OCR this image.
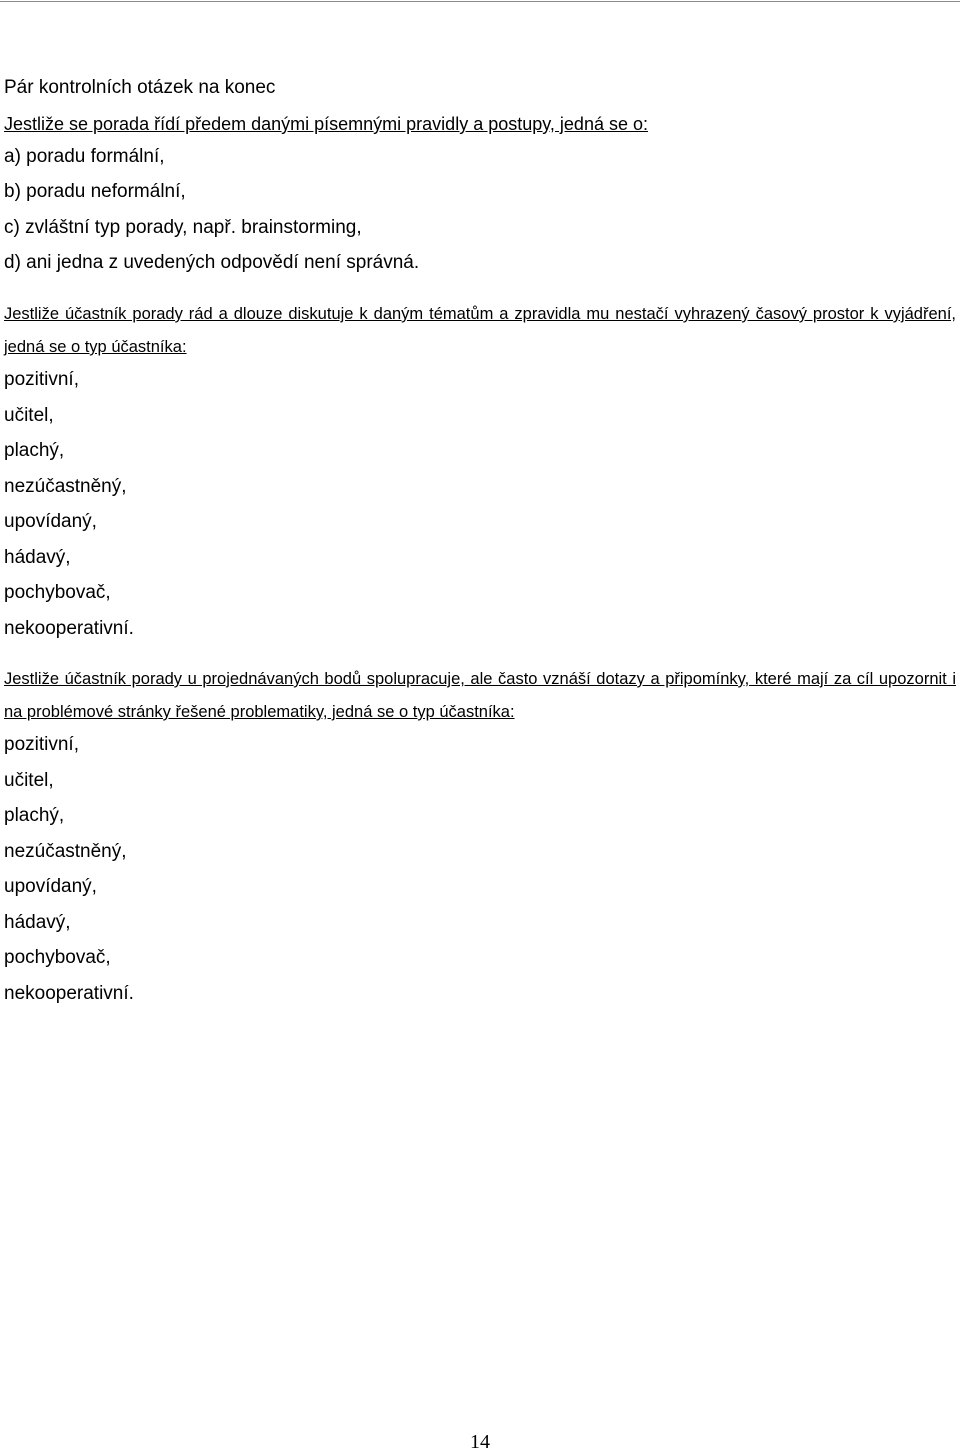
Pár kontrolních otázek na konec
Jestliže se porada řídí předem danými písemnými pravidly a postupy, jedná se o:
a) poradu formální,
b) poradu neformální,
c) zvláštní typ porady, např. brainstorming,
d) ani jedna z uvedených odpovědí není správná.
Jestliže účastník porady rád a dlouze diskutuje k daným tématům a zpravidla mu nestačí vyhrazený časový prostor k vyjádření, jedná se o typ účastníka:
pozitivní,
učitel,
plachý,
nezúčastněný,
upovídaný,
hádavý,
pochybovač,
nekooperativní.
Jestliže účastník porady u projednávaných bodů spolupracuje, ale často vznáší dotazy a připomínky, které mají za cíl upozornit i na problémové stránky řešené problematiky, jedná se o typ účastníka:
pozitivní,
učitel,
plachý,
nezúčastněný,
upovídaný,
hádavý,
pochybovač,
nekooperativní.
14
